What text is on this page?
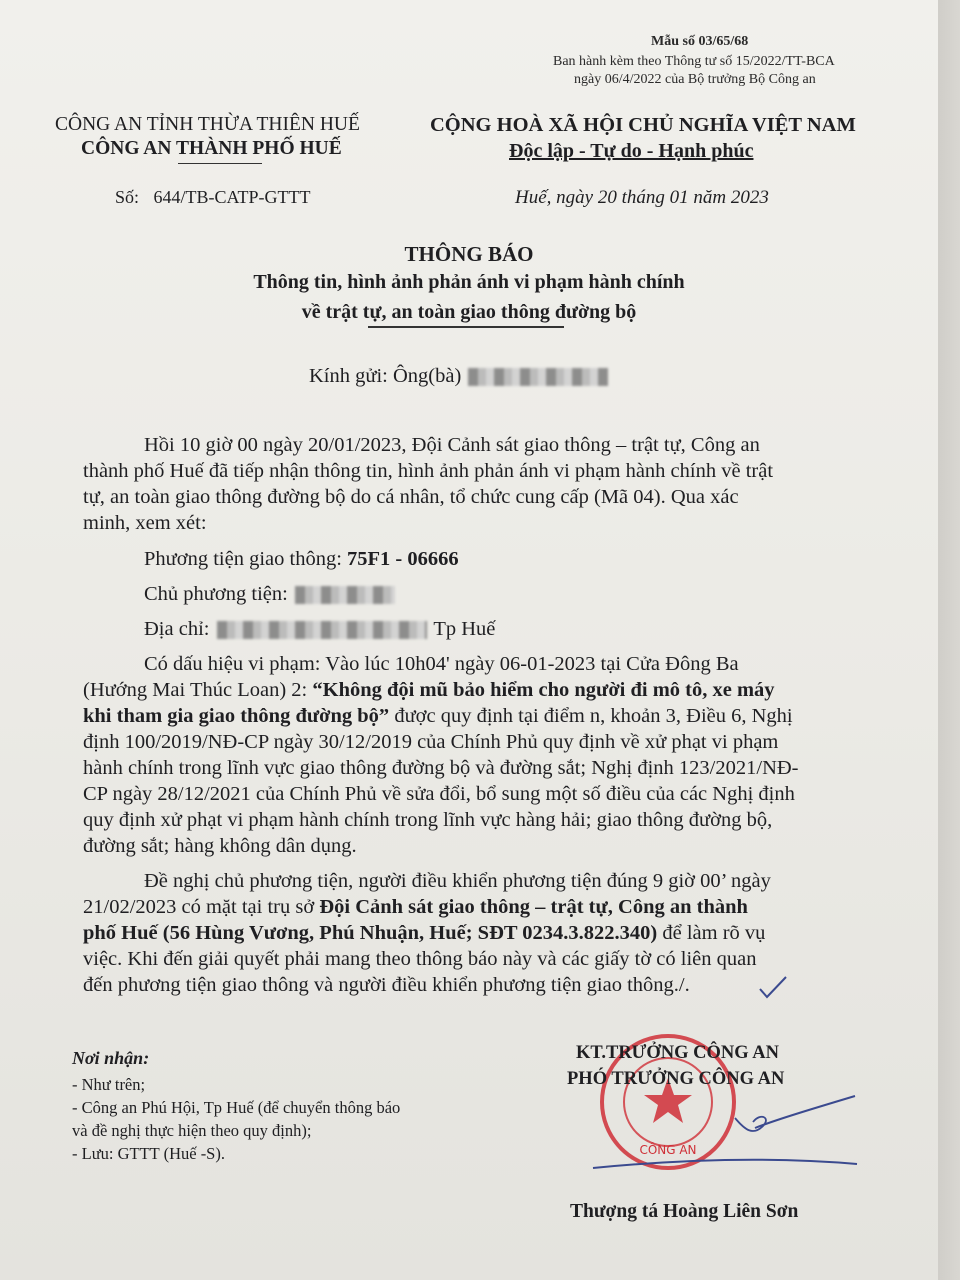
Mẫu số 03/65/68
Ban hành kèm theo Thông tư số 15/2022/TT-BCA
ngày 06/4/2022 của Bộ trưởng Bộ Công an
CÔNG AN TỈNH THỪA THIÊN HUẾ
CÔNG AN THÀNH PHỐ HUẾ
Số: 644/TB-CATP-GTTT
CỘNG HOÀ XÃ HỘI CHỦ NGHĨA VIỆT NAM
Độc lập - Tự do - Hạnh phúc
Huế, ngày 20 tháng 01 năm 2023
THÔNG BÁO
Thông tin, hình ảnh phản ánh vi phạm hành chính
về trật tự, an toàn giao thông đường bộ
Kính gửi: Ông(bà)
Hồi 10 giờ 00 ngày 20/01/2023, Đội Cảnh sát giao thông – trật tự, Công an
thành phố Huế đã tiếp nhận thông tin, hình ảnh phản ánh vi phạm hành chính về trật
tự, an toàn giao thông đường bộ do cá nhân, tổ chức cung cấp (Mã 04). Qua xác
minh, xem xét:
Phương tiện giao thông: 75F1 - 06666
Chủ phương tiện:
Địa chỉ:	Tp Huế
Có dấu hiệu vi phạm: Vào lúc 10h04' ngày 06-01-2023 tại Cửa Đông Ba
(Hướng Mai Thúc Loan) 2: “Không đội mũ bảo hiểm cho người đi mô tô, xe máy
khi tham gia giao thông đường bộ” được quy định tại điểm n, khoản 3, Điều 6, Nghị
định 100/2019/NĐ-CP ngày 30/12/2019 của Chính Phủ quy định về xử phạt vi phạm
hành chính trong lĩnh vực giao thông đường bộ và đường sắt; Nghị định 123/2021/NĐ-
CP ngày 28/12/2021 của Chính Phủ về sửa đổi, bổ sung một số điều của các Nghị định
quy định xử phạt vi phạm hành chính trong lĩnh vực hàng hải; giao thông đường bộ,
đường sắt; hàng không dân dụng.
Đề nghị chủ phương tiện, người điều khiển phương tiện đúng 9 giờ 00’ ngày
21/02/2023 có mặt tại trụ sở Đội Cảnh sát giao thông – trật tự, Công an thành
phố Huế (56 Hùng Vương, Phú Nhuận, Huế; SĐT 0234.3.822.340) để làm rõ vụ
việc. Khi đến giải quyết phải mang theo thông báo này và các giấy tờ có liên quan
đến phương tiện giao thông và người điều khiển phương tiện giao thông./.
Nơi nhận:
- Như trên;
- Công an Phú Hội, Tp Huế (để chuyển thông báo
và đề nghị thực hiện theo quy định);
- Lưu: GTTT (Huế -S).	CÔNG AN
KT.TRƯỞNG CÔNG AN
PHÓ TRƯỞNG CÔNG AN
Thượng tá Hoàng Liên Sơn
